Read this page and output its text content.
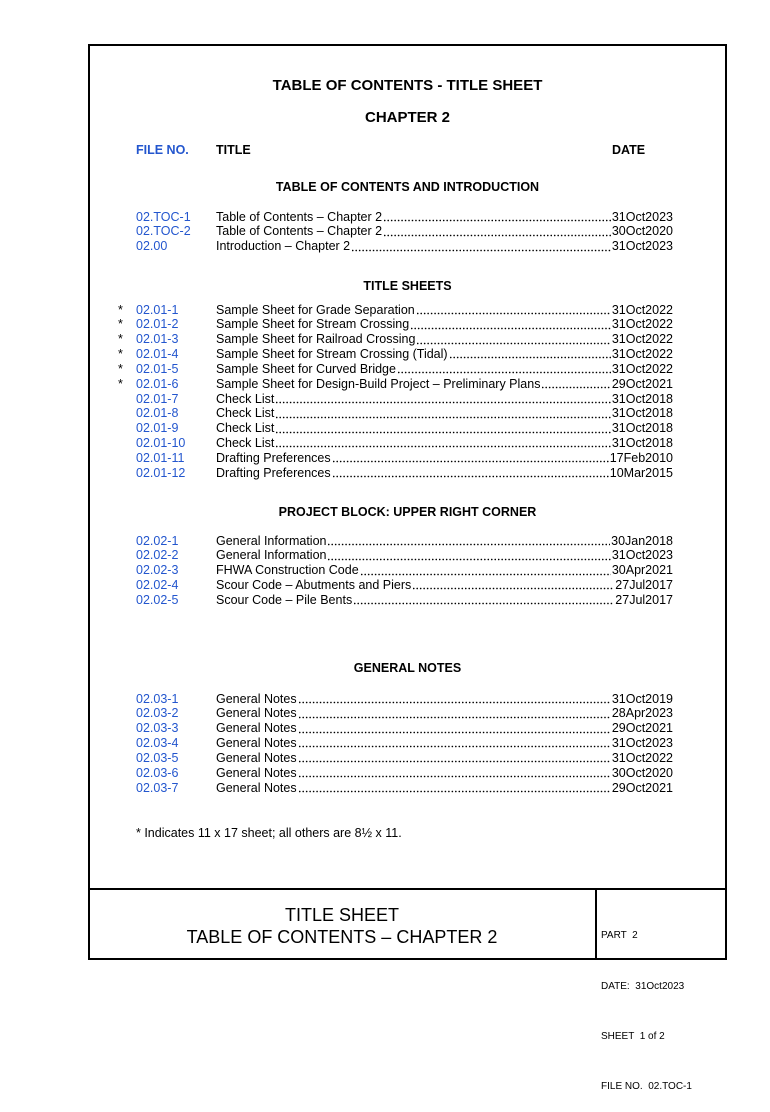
TABLE OF CONTENTS - TITLE SHEET
CHAPTER 2
FILE NO. TITLE	DATE
TABLE OF CONTENTS AND INTRODUCTION
02.TOC-1	Table of Contents – Chapter 2	31Oct2023
02.TOC-2	Table of Contents – Chapter 2	30Oct2020
02.00	Introduction – Chapter 2	31Oct2023
TITLE SHEETS
* 02.01-1	Sample Sheet for Grade Separation	31Oct2022
* 02.01-2	Sample Sheet for Stream Crossing	31Oct2022
* 02.01-3	Sample Sheet for Railroad Crossing	31Oct2022
* 02.01-4	Sample Sheet for Stream Crossing (Tidal)	31Oct2022
* 02.01-5	Sample Sheet for Curved Bridge	31Oct2022
* 02.01-6	Sample Sheet for Design-Build Project – Preliminary Plans	29Oct2021
02.01-7	Check List	31Oct2018
02.01-8	Check List	31Oct2018
02.01-9	Check List	31Oct2018
02.01-10	Check List	31Oct2018
02.01-11	Drafting Preferences	17Feb2010
02.01-12	Drafting Preferences	10Mar2015
PROJECT BLOCK: UPPER RIGHT CORNER
02.02-1	General Information	30Jan2018
02.02-2	General Information	31Oct2023
02.02-3	FHWA Construction Code	30Apr2021
02.02-4	Scour Code – Abutments and Piers	27Jul2017
02.02-5	Scour Code – Pile Bents	27Jul2017
GENERAL NOTES
02.03-1	General Notes	31Oct2019
02.03-2	General Notes	28Apr2023
02.03-3	General Notes	29Oct2021
02.03-4	General Notes	31Oct2023
02.03-5	General Notes	31Oct2022
02.03-6	General Notes	30Oct2020
02.03-7	General Notes	29Oct2021
* Indicates 11 x 17 sheet; all others are 8½ x 11.
TITLE SHEET
TABLE OF CONTENTS – CHAPTER 2

	PART  2

DATE:  31Oct2023

SHEET  1 of 2

FILE NO.  02.TOC-1
